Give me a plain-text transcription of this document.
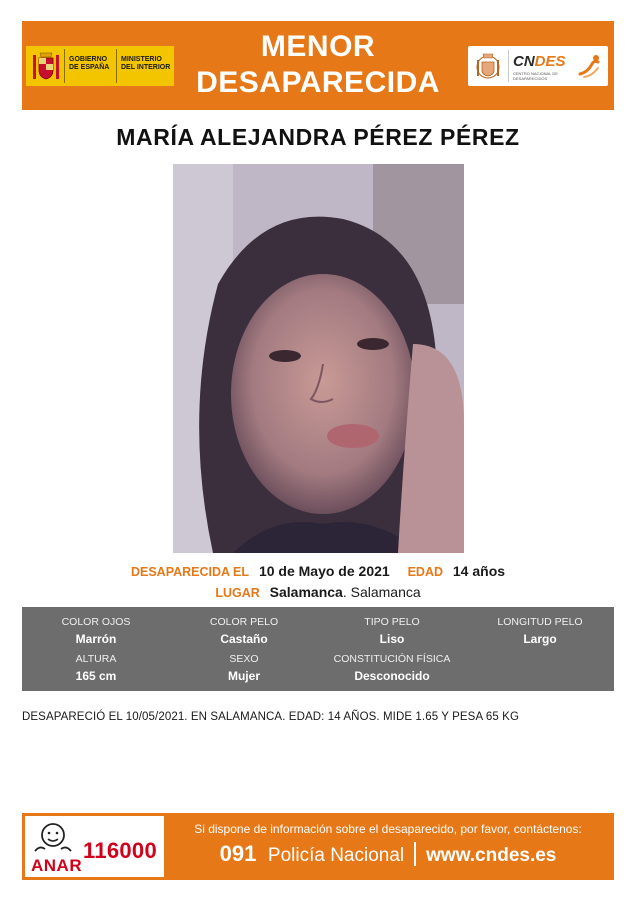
GOBIERNO DE ESPAÑA
MINISTERIO DEL INTERIOR
MENOR
DESAPARECIDA
CNDES
CENTRO NACIONAL DE DESAPARECIDOS
MARÍA ALEJANDRA PÉREZ PÉREZ
DESAPARECIDA EL 10 de Mayo de 2021 EDAD 14 años
LUGAR Salamanca. Salamanca
COLOR OJOS
Marrón
COLOR PELO
Castaño
TIPO PELO
Liso
LONGITUD PELO
Largo
ALTURA
165 cm
SEXO
Mujer
CONSTITUCIÓN FÍSICA
Desconocido
DESAPARECIÓ EL 10/05/2021. EN SALAMANCA. EDAD: 14 AÑOS. MIDE 1.65 Y PESA 65 KG
ANAR
116000
Si dispone de información sobre el desaparecido, por favor, contáctenos:
091 Policía Nacional www.cndes.es
